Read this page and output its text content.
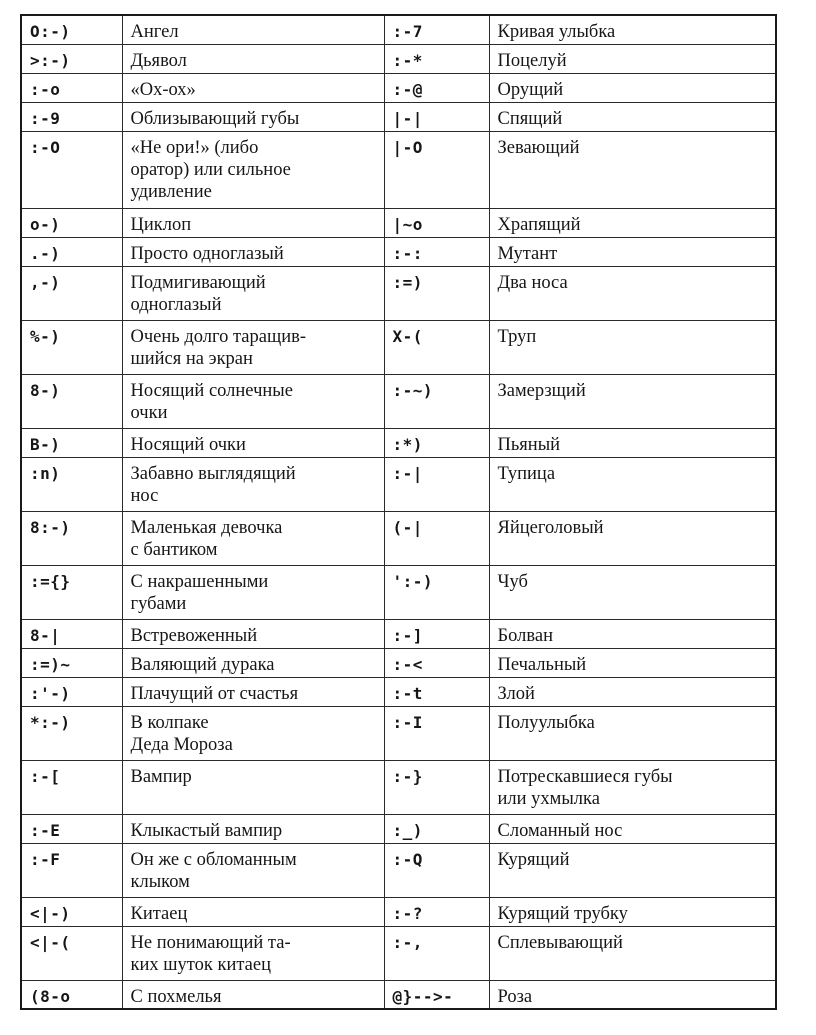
O:-)	Ангел	:-7	Кривая улыбка

>:-)	Дьявол	:-*	Поцелуй

:-o	«Ох-ох»	:-@	Орущий

:-9	Облизывающий губы	|-|	Спящий

:-O	«Не ори!» (либо
оратор) или сильное
удивление	|-O	Зевающий

o-)	Циклоп	|~o	Храпящий

.-)	Просто одноглазый	:-:	Мутант

,-)	Подмигивающий
одноглазый	:=)	Два носа

%-)	Очень долго таращив-
шийся на экран	X-(	Труп

8-)	Носящий солнечные
очки	:-~)	Замерзщий

B-)	Носящий очки	:*)	Пьяный

:n)	Забавно выглядящий
нос	:-|	Тупица

8:-)	Маленькая девочка
с бантиком	(-|	Яйцеголовый

:={}	С накрашенными
губами	':-)	Чуб

8-|	Встревоженный	:-]	Болван

:=)~	Валяющий дурака	:-<	Печальный

:'-)	Плачущий от счастья	:-t	Злой

*:-)	В колпаке
Деда Мороза	:-I	Полуулыбка

:-[	Вампир	:-}	Потрескавшиеся губы
или ухмылка

:-E	Клыкастый вампир	:_)	Сломанный нос

:-F	Он же с обломанным
клыком	:-Q	Курящий

<|-)	Китаец	:-?	Курящий трубку

<|-(	Не понимающий та-
ких шуток китаец	:-,	Сплевывающий

(8-o	С похмелья	@}-->-	Роза
